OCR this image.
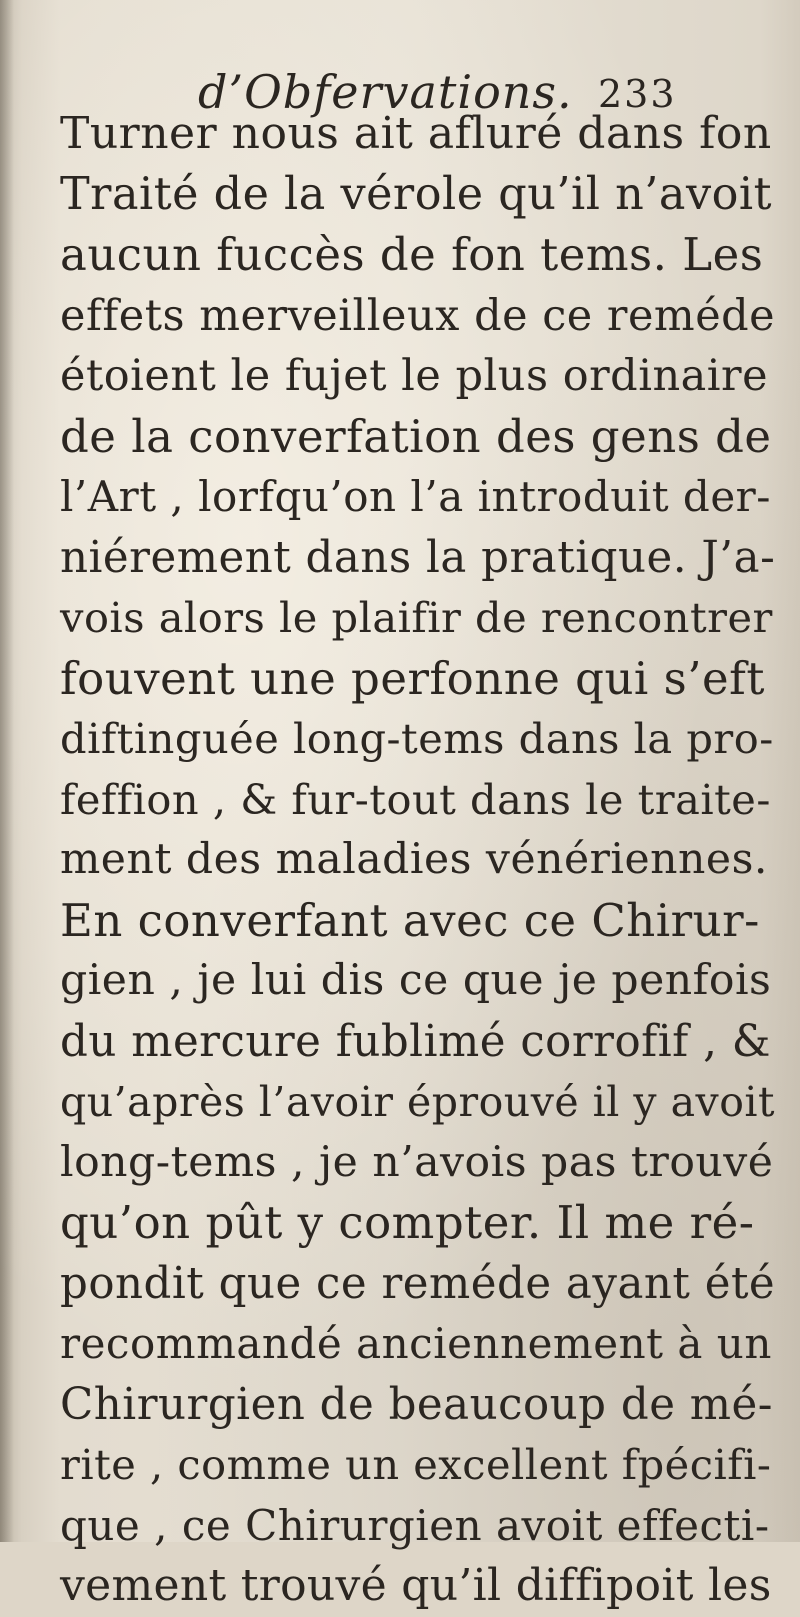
d’Obfervations. 233
Turner nous ait afluré dans fon
Traité de la vérole qu’il n’avoit
aucun fuccès de fon tems. Les
effets merveilleux de ce reméde
étoient le fujet le plus ordinaire
de la converfation des gens de
l’Art , lorfqu’on l’a introduit der-
niérement dans la pratique. J’a-
vois alors le plaifir de rencontrer
fouvent une perfonne qui s’eft
diftinguée long-tems dans la pro-
feffion , & fur-tout dans le traite-
ment des maladies vénériennes.
En converfant avec ce Chirur-
gien , je lui dis ce que je penfois
du mercure fublimé corrofif , &
qu’après l’avoir éprouvé il y avoit
long-tems , je n’avois pas trouvé
qu’on pût y compter. Il me ré-
pondit que ce reméde ayant été
recommandé anciennement à un
Chirurgien de beaucoup de mé-
rite , comme un excellent fpécifi-
que , ce Chirurgien avoit effecti-
vement trouvé qu’il diffipoit les
